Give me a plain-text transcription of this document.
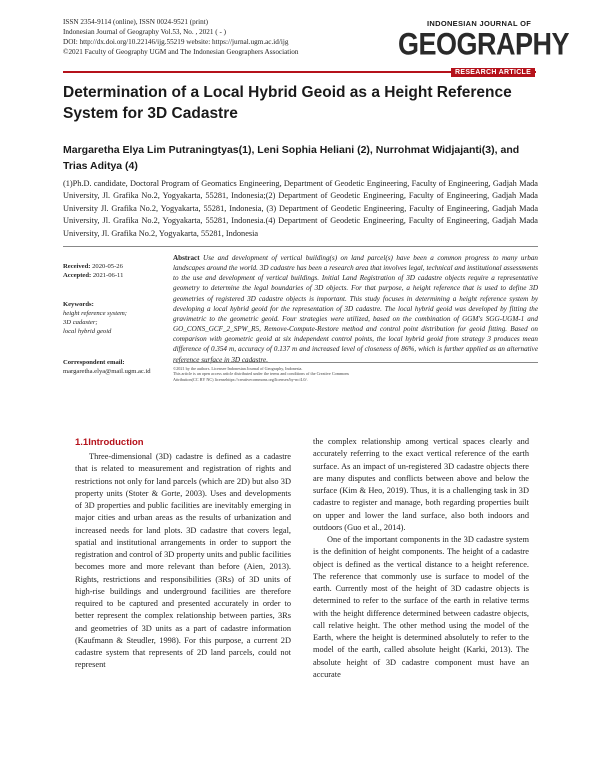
ISSN 2354-9114 (online), ISSN 0024-9521 (print)
Indonesian Journal of Geography Vol.53, No. , 2021 ( - )
DOI: http://dx.doi.org/10.22146/ijg.55219 website: https://jurnal.ugm.ac.id/ijg
©2021 Faculty of Geography UGM and The Indonesian Geographers Association
INDONESIAN JOURNAL OF
GEOGRAPHY
RESEARCH ARTICLE
Determination of a Local Hybrid Geoid as a Height Reference System for 3D Cadastre
Margaretha Elya Lim Putraningtyas(1), Leni Sophia Heliani (2), Nurrohmat Widjajanti(3), and Trias Aditya (4)
(1)Ph.D. candidate, Doctoral Program of Geomatics Engineering, Department of Geodetic Engineering, Faculty of Engineering, Gadjah Mada University, Jl. Grafika No.2, Yogyakarta, 55281, Indonesia;(2) Department of Geodetic Engineering, Faculty of Engineering, Gadjah Mada University Jl. Grafika No.2, Yogyakarta, 55281, Indonesia, (3) Department of Geodetic Engineering, Faculty of Engineering, Gadjah Mada University, Jl. Grafika No.2, Yogyakarta, 55281, Indonesia.(4) Department of Geodetic Engineering, Faculty of Engineering, Gadjah Mada University, Jl. Grafika No.2, Yogyakarta, 55281, Indonesia
Received: 2020-05-26
Accepted: 2021-06-11
Keywords:
height reference system;
3D cadaster;
local hybrid geoid
Correspondent email:
margaretha.elya@mail.ugm.ac.id
Abstract Use and development of vertical building(s) on land parcel(s) have been a common progress to many urban landscapes around the world. 3D cadastre has been a research area that involves legal, technical and institutional assessments to the use and development of vertical buildings. Initial Land Registration of 3D cadastre objects require a representative geometry to determine the legal boundaries of 3D objects. For that purpose, a height reference that is used to define 3D geometries of registered 3D cadastre objects is important. This study focuses in determining a height reference system by developing a local hybrid geoid for the representation of 3D cadastre. The local hybrid geoid was developed by fitting the gravimetric to the geometric geoid. Four strategies were utilized, based on the combination of GGM's SGG-UGM-1 and GO_CONS_GCF_2_SPW_R5, Remove-Compute-Restore method and control point distribution for geoid fitting. Based on comparison with geometric geoid at six independent control points, the local hybrid geoid from strategy 3 produces mean difference of 0.354 m, accuracy of 0.137 m and increased level of closeness of 86%, which is further applied as an alternative reference surface in 3D cadastre.
©2021 by the authors. Licensee Indonesian Journal of Geography, Indonesia.
This article is an open access article distributed under the terms and conditions of the Creative Commons
Attribution(CC BY NC) licensehttps://creativecommons.org/licenses/by-nc/4.0/.
1.1Introduction

Three-dimensional (3D) cadastre is defined as a cadastre that is related to measurement and registration of rights and restrictions not only for land parcels (which are 2D) but also 3D property units (Stoter & Gorte, 2003). Uses and developments of 3D properties and public facilities are inevitably emerging in major cities and urban areas as the results of urbanization and increased needs for land plots. 3D cadastre that covers legal, spatial and institutional arrangements in order to support the registration and control of 3D property units and public facilities becomes more and more relevant than before (Aien, 2013). Rights, restrictions and responsibilities (3Rs) of 3D units of high-rise buildings and underground facilities are therefore required to be captured and presented accurately in order to better represent the complex relationship between parties, 3Rs and geometries of 3D units as a part of cadastre information (Kaufmann & Steudler, 1998). For this purpose, a current 2D cadastre system that represents of 2D land parcels, could not represent

the complex relationship among vertical spaces clearly and accurately referring to the exact vertical reference of the earth surface. As an impact of un-registered 3D cadastre objects there are many disputes and conflicts between above and below the surface (Kim & Heo, 2019). Thus, it is a challenging task in 3D cadastre to register and manage, both regarding properties built on upper and lower the land surface, also both indoors and outdoors (Guo et al., 2014).

One of the important components in the 3D cadastre system is the definition of height components. The height of a cadastre object is defined as the vertical distance to a height reference. The reference that commonly use is surface to model of the earth. Currently most of the height of 3D cadastre objects is determined to refer to the surface of the earth in relative terms with the height difference determined between cadastre objects, call relative height. The other method using the model of the Earth, where the height is determined absolutely to refer to the model of the earth, called absolute height (Karki, 2013). The absolute height of 3D cadastre component must have an accurate
